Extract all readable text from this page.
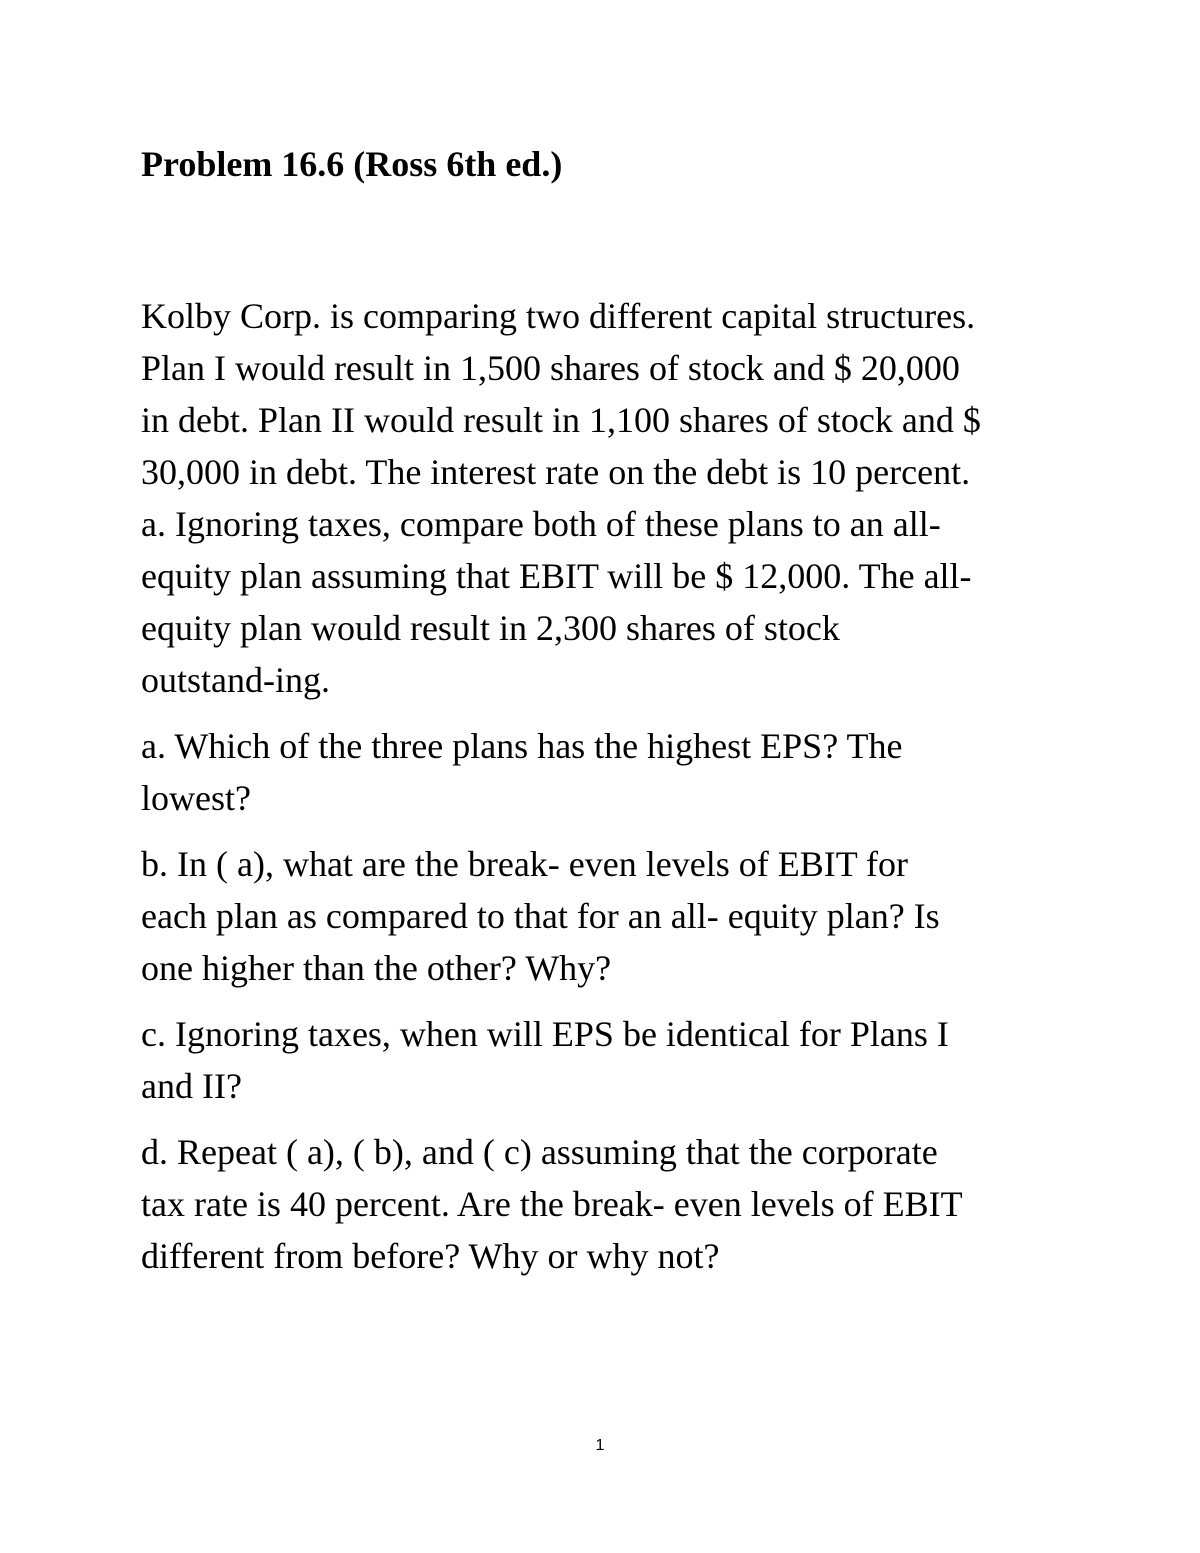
Problem 16.6 (Ross 6th ed.)

Kolby Corp. is comparing two different capital structures.
Plan I would result in 1,500 shares of stock and $ 20,000
in debt. Plan II would result in 1,100 shares of stock and $
30,000 in debt. The interest rate on the debt is 10 percent.
a. Ignoring taxes, compare both of these plans to an all-
equity plan assuming that EBIT will be $ 12,000. The all-
equity plan would result in 2,300 shares of stock
outstand-ing.

a. Which of the three plans has the highest EPS? The
lowest?

b. In ( a), what are the break- even levels of EBIT for
each plan as compared to that for an all- equity plan? Is
one higher than the other? Why?

c. Ignoring taxes, when will EPS be identical for Plans I
and II?

d. Repeat ( a), ( b), and ( c) assuming that the corporate
tax rate is 40 percent. Are the break- even levels of EBIT
different from before? Why or why not?

1
